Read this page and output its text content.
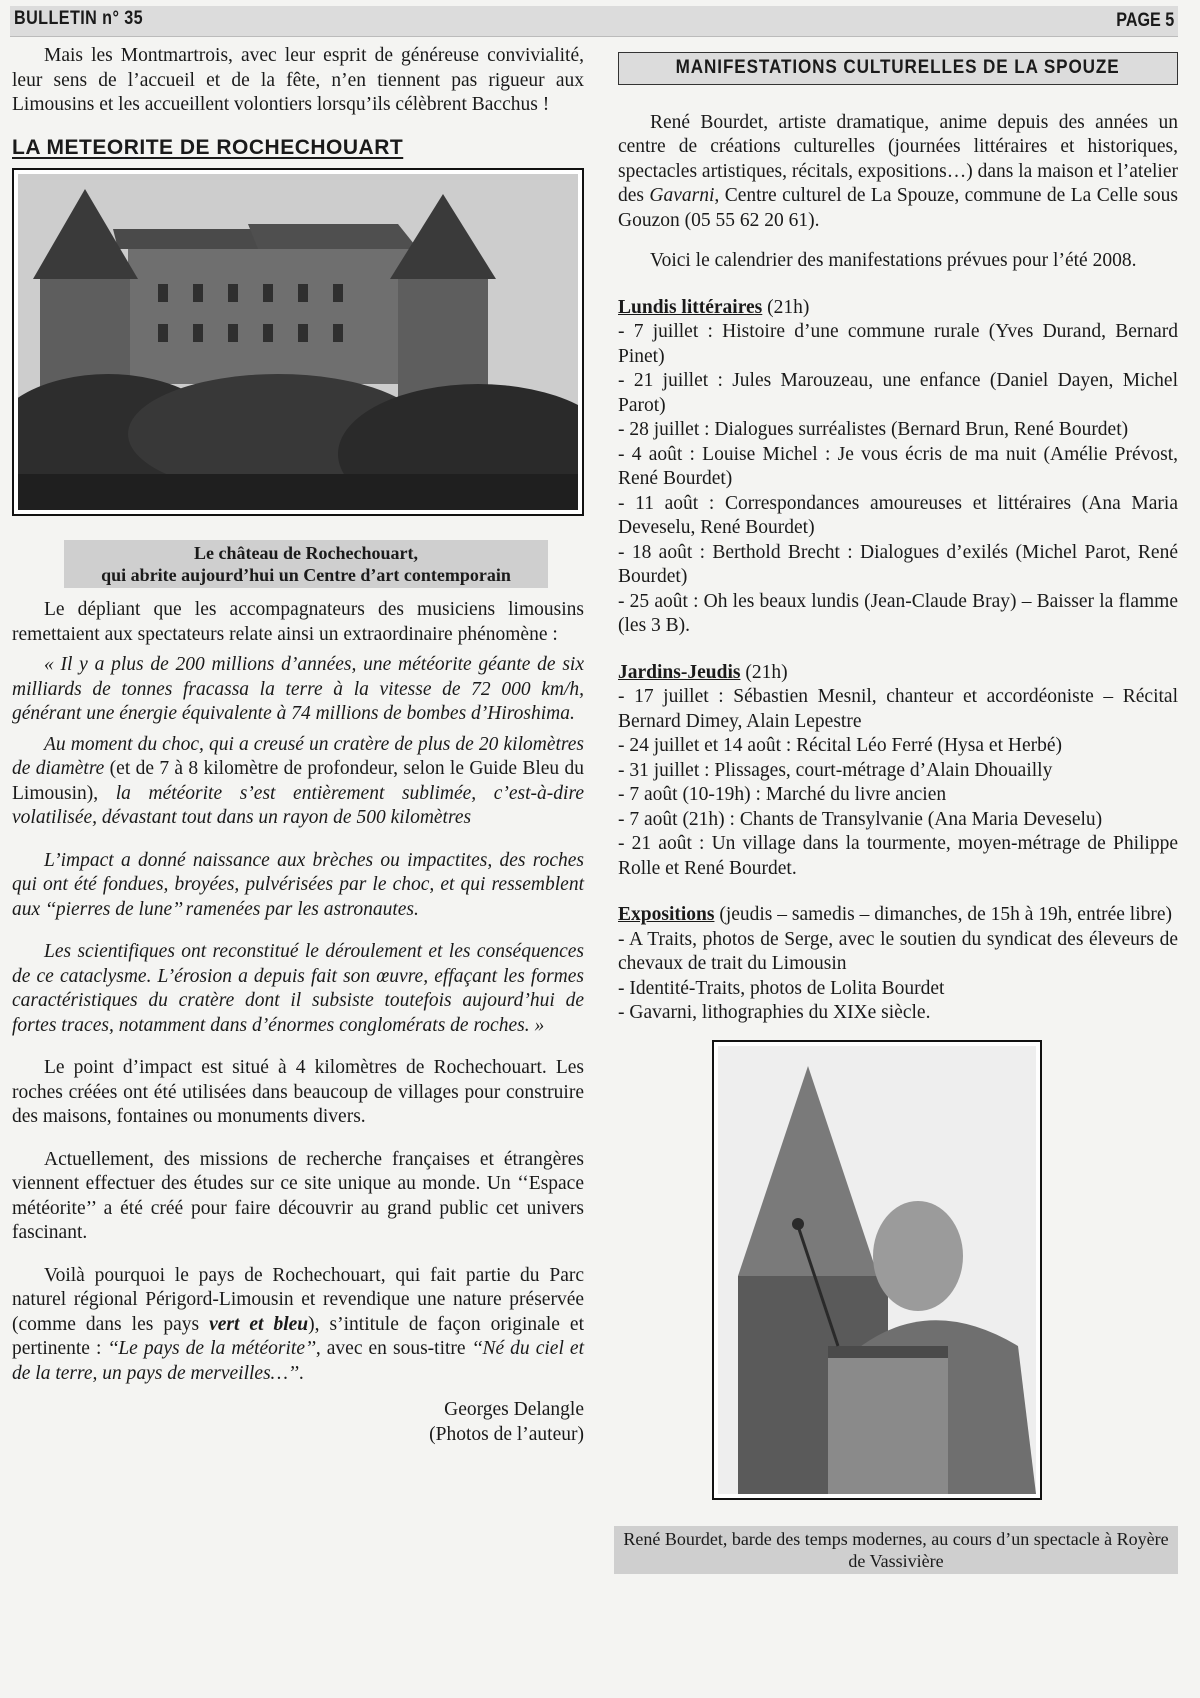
BULLETIN n° 35	PAGE 5

Mais les Montmartrois, avec leur esprit de généreuse convivialité, leur sens de l’accueil et de la fête, n’en tiennent pas rigueur aux Limousins et les accueillent volontiers lorsqu’ils célèbrent Bacchus !

LA METEORITE DE ROCHECHOUART
Le château de Rochechouart,
qui abrite aujourd’hui un Centre d’art contemporain

Le dépliant que les accompagnateurs des musiciens limousins remettaient aux spectateurs relate ainsi un extraordinaire phénomène :

« Il y a plus de 200 millions d’années, une météorite géante de six milliards de tonnes fracassa la terre à la vitesse de 72 000 km/h, générant une énergie équivalente à 74 millions de bombes d’Hiroshima.

Au moment du choc, qui a creusé un cratère de plus de 20 kilomètres de diamètre (et de 7 à 8 kilomètre de profondeur, selon le Guide Bleu du Limousin), la météorite s’est entièrement sublimée, c’est-à-dire volatilisée, dévastant tout dans un rayon de 500 kilomètres

L’impact a donné naissance aux brèches ou impactites, des roches qui ont été fondues, broyées, pulvérisées par le choc, et qui ressemblent aux ‘‘pierres de lune’’ ramenées par les astronautes.

Les scientifiques ont reconstitué le déroulement et les conséquences de ce cataclysme. L’érosion a depuis fait son œuvre, effaçant les formes caractéristiques du cratère dont il subsiste toutefois aujourd’hui de fortes traces, notamment dans d’énormes conglomérats de roches. »

Le point d’impact est situé à 4 kilomètres de Rochechouart. Les roches créées ont été utilisées dans beaucoup de villages pour construire des maisons, fontaines ou monuments divers.

Actuellement, des missions de recherche françaises et étrangères viennent effectuer des études sur ce site unique au monde. Un ‘‘Espace météorite’’ a été créé pour faire découvrir au grand public cet univers fascinant.

Voilà pourquoi le pays de Rochechouart, qui fait partie du Parc naturel régional Périgord-Limousin et revendique une nature préservée (comme dans les pays vert et bleu), s’intitule de façon originale et pertinente : ‘‘Le pays de la météorite’’, avec en sous-titre ‘‘Né du ciel et de la terre, un pays de merveilles…’’.

Georges Delangle
(Photos de l’auteur)
MANIFESTATIONS CULTURELLES DE LA SPOUZE

René Bourdet, artiste dramatique, anime depuis des années un centre de créations culturelles (journées littéraires et historiques, spectacles artistiques, récitals, expositions…) dans la maison et l’atelier des Gavarni, Centre culturel de La Spouze, commune de La Celle sous Gouzon (05 55 62 20 61).

Voici le calendrier des manifestations prévues pour l’été 2008.

Lundis littéraires (21h)

- 7 juillet : Histoire d’une commune rurale (Yves Durand, Bernard Pinet)

- 21 juillet : Jules Marouzeau, une enfance (Daniel Dayen, Michel Parot)

- 28 juillet : Dialogues surréalistes (Bernard Brun, René Bourdet)

- 4 août : Louise Michel : Je vous écris de ma nuit (Amélie Prévost, René Bourdet)

- 11 août : Correspondances amoureuses et littéraires (Ana Maria Deveselu, René Bourdet)

- 18 août : Berthold Brecht : Dialogues d’exilés (Michel Parot, René Bourdet)

- 25 août : Oh les beaux lundis (Jean-Claude Bray) – Baisser la flamme (les 3 B).

Jardins-Jeudis (21h)

- 17 juillet : Sébastien Mesnil, chanteur et accordéoniste – Récital Bernard Dimey, Alain Lepestre

- 24 juillet et 14 août : Récital Léo Ferré (Hysa et Herbé)

- 31 juillet : Plissages, court-métrage d’Alain Dhouailly

- 7 août (10-19h) : Marché du livre ancien

- 7 août (21h) : Chants de Transylvanie (Ana Maria Deveselu)

- 21 août : Un village dans la tourmente, moyen-métrage de Philippe Rolle et René Bourdet.

Expositions (jeudis – samedis – dimanches, de 15h à 19h, entrée libre)

- A Traits, photos de Serge, avec le soutien du syndicat des éleveurs de chevaux de trait du Limousin

- Identité-Traits, photos de Lolita Bourdet

- Gavarni, lithographies du XIXe siècle.

René Bourdet, barde des temps modernes, au cours d’un spectacle à Royère de Vassivière
